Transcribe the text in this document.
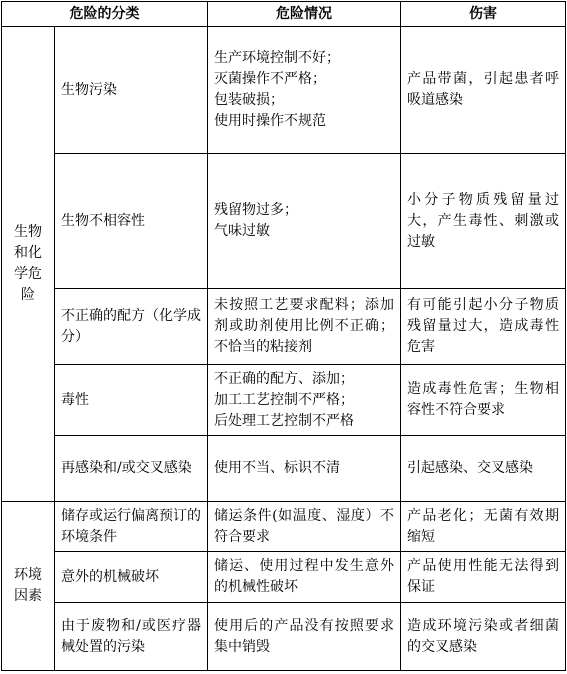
危险的分类		危险情况	伤害
生物和化学危险	生物污染	生产环境控制不好；
灭菌操作不严格；
包装破损；
使用时操作不规范	产品带菌，引起患者呼吸道感染
	生物不相容性	残留物过多；
气味过敏	小分子物质残留量过大，产生毒性、刺激或过敏
	不正确的配方（化学成分）	未按照工艺要求配料；添加剂或助剂使用比例不正确；不恰当的粘接剂	有可能引起小分子物质残留量过大，造成毒性危害
	毒性	不正确的配方、添加；
加工工艺控制不严格；
后处理工艺控制不严格	造成毒性危害；生物相容性不符合要求
	再感染和/或交叉感染	使用不当、标识不清	引起感染、交叉感染
环境因素	储存或运行偏离预订的环境条件	储运条件(如温度、湿度）不符合要求	产品老化；无菌有效期缩短
	意外的机械破坏	储运、使用过程中发生意外的机械性破坏	产品使用性能无法得到保证
	由于废物和/或医疗器械处置的污染	使用后的产品没有按照要求集中销毁	造成环境污染或者细菌的交叉感染
